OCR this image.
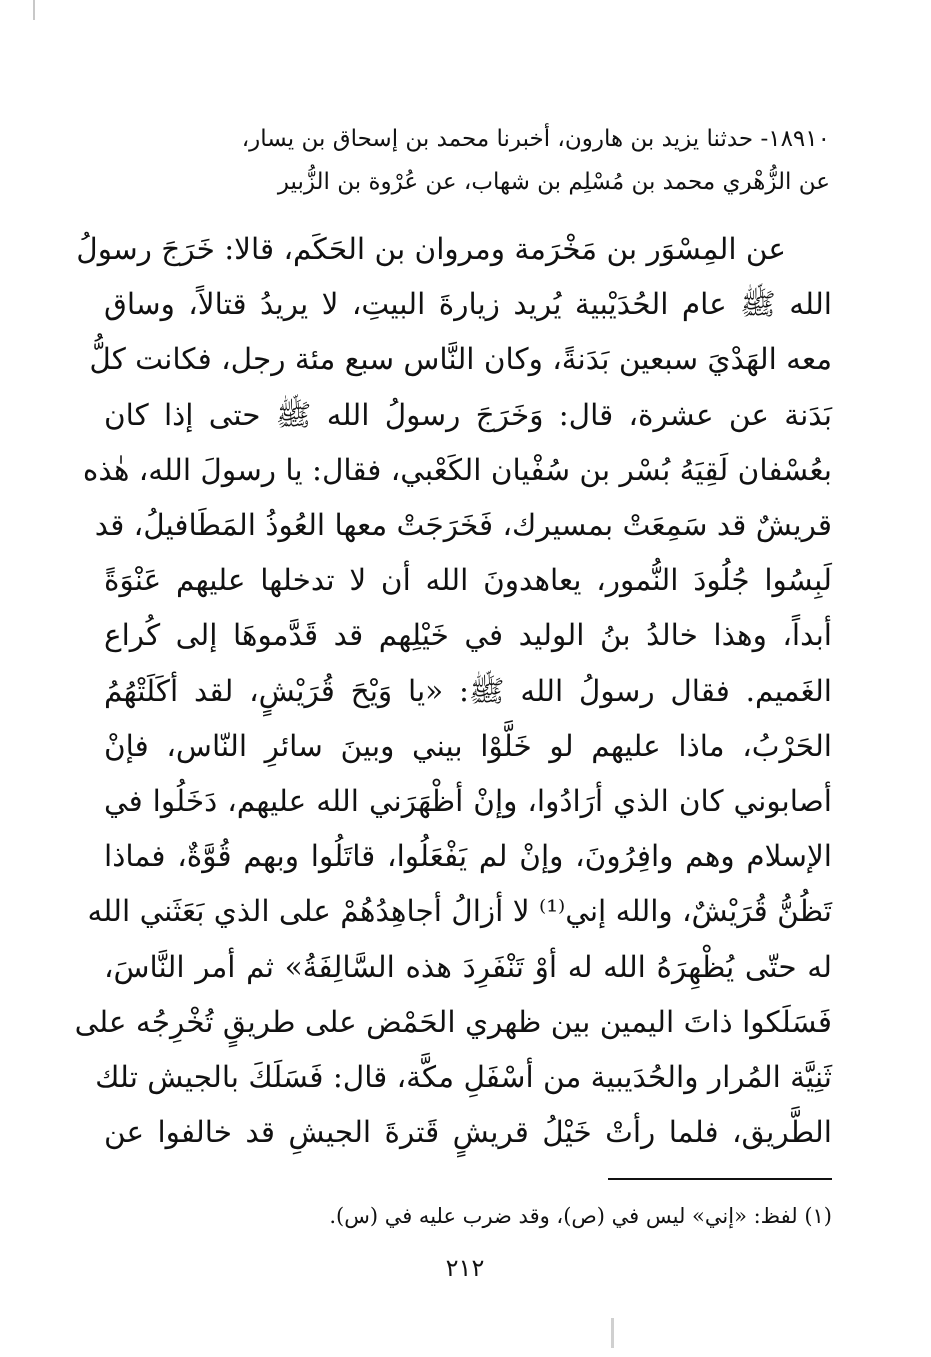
١٨٩١٠- حدثنا يزيد بن هارون، أخبرنا محمد بن إسحاق بن يسار،
عن الزُّهْري محمد بن مُسْلِم بن شهاب، عن عُرْوة بن الزُّبير
عن المِسْوَر بن مَخْرَمة ومروان بن الحَكَم، قالا: خَرَجَ رسولُ
الله ﷺ عام الحُدَيْبية يُريد زيارةَ البيتِ، لا يريدُ قتالاً، وساق
معه الهَدْيَ سبعين بَدَنةً، وكان النَّاس سبع مئة رجل، فكانت كلُّ
بَدَنة عن عشرة، قال: وَخَرَجَ رسولُ الله ﷺ حتى إذا كان
بعُسْفان لَقِيَهُ بُسْر بن سُفْيان الكَعْبي، فقال: يا رسولَ الله، هٰذه
قريشٌ قد سَمِعَتْ بمسيرك، فَخَرَجَتْ معها العُوذُ المَطَافيلُ، قد
لَبِسُوا جُلُودَ النُّمور، يعاهدونَ الله أن لا تدخلها عليهم عَنْوَةً
أبداً، وهذا خالدُ بنُ الوليد في خَيْلِهم قد قَدَّموهَا إلى كُراع
الغَميم. فقال رسولُ الله ﷺ: «يا وَيْحَ قُرَيْشٍ، لقد أكَلَتْهُمُ
الحَرْبُ، ماذا عليهم لو خَلَّوْا بيني وبينَ سائرِ النّاس، فإنْ
أصابوني كان الذي أرَادُوا، وإنْ أظْهَرَني الله عليهم، دَخَلُوا في
الإسلام وهم وافِرُونَ، وإنْ لم يَفْعَلُوا، قاتَلُوا وبهم قُوَّةٌ، فماذا
تَظُنُّ قُرَيْشٌ، والله إني⁽¹⁾ لا أزالُ أجاهِدُهُمْ على الذي بَعَثَني الله
له حتّى يُظْهِرَهُ الله له أوْ تَنْفَرِدَ هذه السَّالِفَةُ» ثم أمر النَّاسَ،
فَسَلَكوا ذاتَ اليمين بين ظهري الحَمْض على طريقٍ تُخْرِجُه على
ثَنِيَّة المُرار والحُدَيبية من أسْفَلِ مكَّة، قال: فَسَلَكَ بالجيش تلك
الطَّريق، فلما رأتْ خَيْلُ قريشٍ قَترةَ الجيشِ قد خالفوا عن
(١) لفظ: «إني» ليس في (ص)، وقد ضرب عليه في (س).
٢١٢
